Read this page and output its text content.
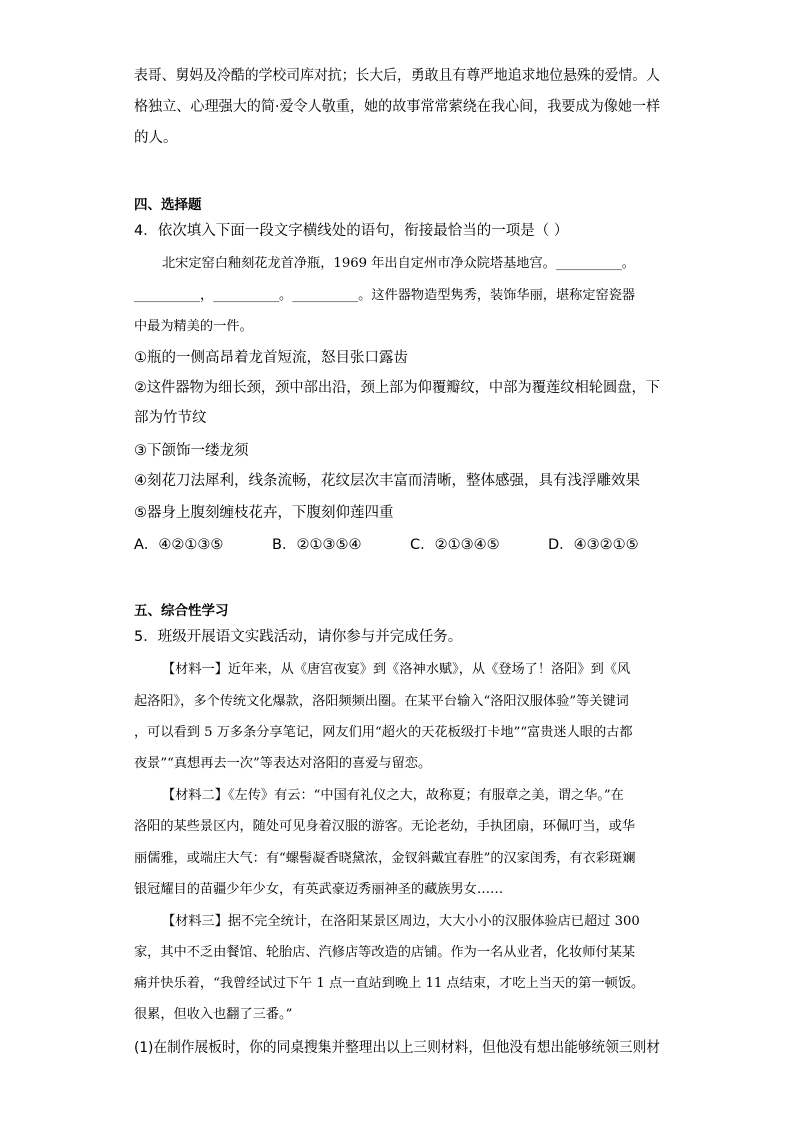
表哥、舅妈及冷酷的学校司库对抗；长大后，勇敢且有尊严地追求地位悬殊的爱情。人
格独立、心理强大的简·爱令人敬重，她的故事常常萦绕在我心间，我要成为像她一样
的人。
四、选择题
4．依次填入下面一段文字横线处的语句，衔接最恰当的一项是（ ）
北宋定窑白釉刻花龙首净瓶，1969 年出自定州市净众院塔基地宫。__________。
__________，__________。__________。这件器物造型隽秀，装饰华丽，堪称定窑瓷器
中最为精美的一件。
①瓶的一侧高昂着龙首短流，怒目张口露齿
②这件器物为细长颈，颈中部出沿，颈上部为仰覆瓣纹，中部为覆莲纹相轮圆盘，下
部为竹节纹
③下颌饰一缕龙须
④刻花刀法犀利，线条流畅，花纹层次丰富而清晰，整体感强，具有浅浮雕效果
⑤器身上腹刻缠枝花卉，下腹刻仰莲四重
A．④②①③⑤	B．②①③⑤④	C．②①③④⑤	D．④③②①⑤
五、综合性学习
5．班级开展语文实践活动，请你参与并完成任务。
【材料一】近年来，从《唐宫夜宴》到《洛神水赋》，从《登场了！洛阳》到《风
起洛阳》，多个传统文化爆款，洛阳频频出圈。在某平台输入“洛阳汉服体验”等关键词
，可以看到 5 万多条分享笔记，网友们用“超火的天花板级打卡地”“富贵迷人眼的古都
夜景”“真想再去一次”等表达对洛阳的喜爱与留恋。
【材料二】《左传》有云：“中国有礼仪之大，故称夏；有服章之美，谓之华。”在
洛阳的某些景区内，随处可见身着汉服的游客。无论老幼，手执团扇，环佩叮当，或华
丽儒雅，或端庄大气：有“螺髻凝香晓黛浓，金钗斜戴宜春胜”的汉家闺秀，有衣彩斑斓
银冠耀目的苗疆少年少女，有英武豪迈秀丽神圣的藏族男女……
【材料三】据不完全统计，在洛阳某景区周边，大大小小的汉服体验店已超过 300
家，其中不乏由餐馆、轮胎店、汽修店等改造的店铺。作为一名从业者，化妆师付某某
痛并快乐着，“我曾经试过下午 1 点一直站到晚上 11 点结束，才吃上当天的第一顿饭。
很累，但收入也翻了三番。”
(1)在制作展板时，你的同桌搜集并整理出以上三则材料，但他没有想出能够统领三则材
